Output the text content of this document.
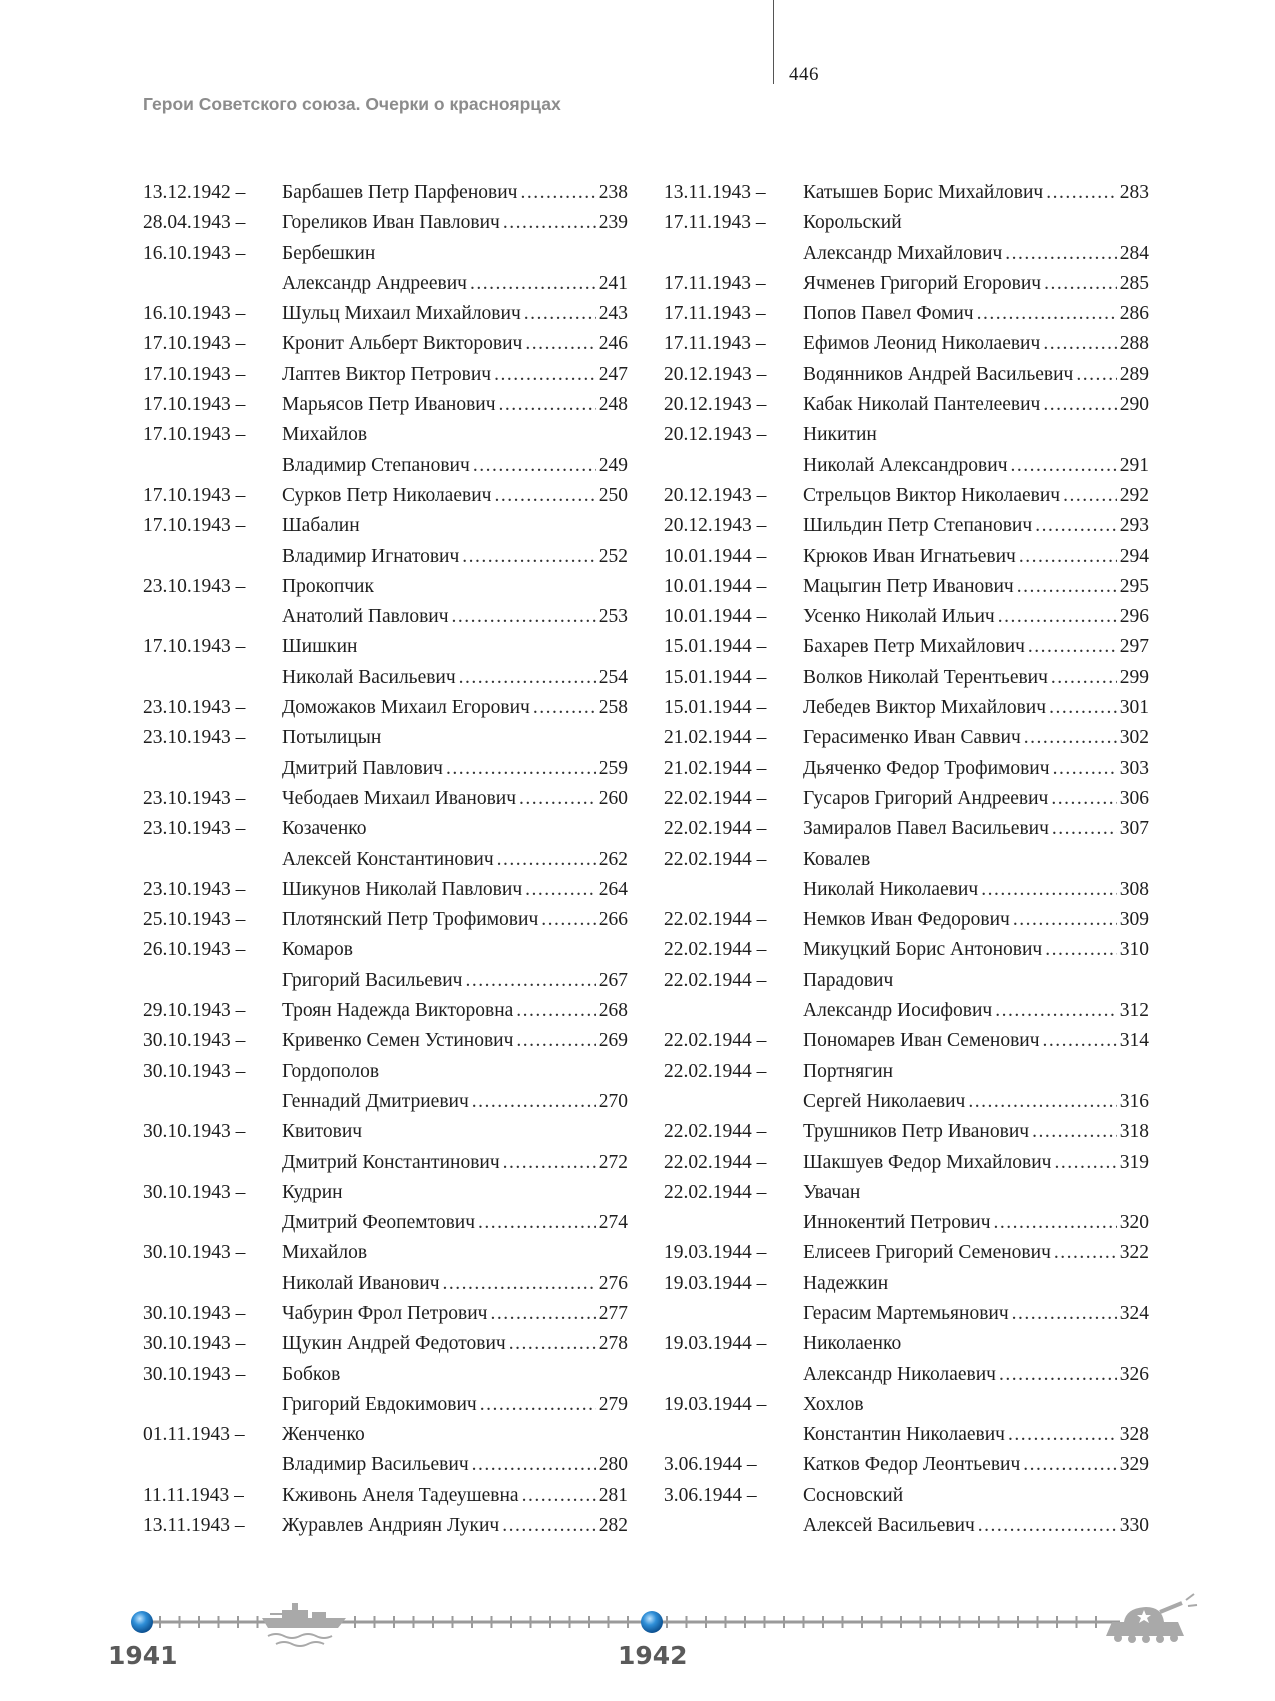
446
Герои Советского союза. Очерки о красноярцах
13.12.1942 –	Барбашев Петр Парфенович .....	238
28.04.1943 –	Гореликов Иван Павлович .....	239
16.10.1943 –	Бербешкин
Александр Андреевич .....	241
16.10.1943 –	Шульц Михаил Михайлович .....	243
17.10.1943 –	Кронит Альберт Викторович .....	246
17.10.1943 –	Лаптев Виктор Петрович .....	247
17.10.1943 –	Марьясов Петр Иванович .....	248
17.10.1943 –	Михайлов
Владимир Степанович .....	249
17.10.1943 –	Сурков Петр Николаевич .....	250
17.10.1943 –	Шабалин
Владимир Игнатович .....	252
23.10.1943 –	Прокопчик
Анатолий Павлович .....	253
17.10.1943 –	Шишкин
Николай Васильевич .....	254
23.10.1943 –	Доможаков Михаил Егорович .....	258
23.10.1943 –	Потылицын
Дмитрий Павлович .....	259
23.10.1943 –	Чебодаев Михаил Иванович .....	260
23.10.1943 –	Козаченко
Алексей Константинович .....	262
23.10.1943 –	Шикунов Николай Павлович .....	264
25.10.1943 –	Плотянский Петр Трофимович .....	266
26.10.1943 –	Комаров
Григорий Васильевич .....	267
29.10.1943 –	Троян Надежда Викторовна .....	268
30.10.1943 –	Кривенко Семен Устинович .....	269
30.10.1943 –	Гордополов
Геннадий Дмитриевич .....	270
30.10.1943 –	Квитович
Дмитрий Константинович .....	272
30.10.1943 –	Кудрин
Дмитрий Феопемтович .....	274
30.10.1943 –	Михайлов
Николай Иванович .....	276
30.10.1943 –	Чабурин Фрол Петрович .....	277
30.10.1943 –	Щукин Андрей Федотович .....	278
30.10.1943 –	Бобков
Григорий Евдокимович .....	279
01.11.1943 –	Женченко
Владимир Васильевич .....	280
11.11.1943 –	Кживонь Анеля Тадеушевна .....	281
13.11.1943 –	Журавлев Андриян Лукич .....	282
13.11.1943 –	Катышев Борис Михайлович .....	283
17.11.1943 –	Корольский
Александр Михайлович .....	284
17.11.1943 –	Ячменев Григорий Егорович .....	285
17.11.1943 –	Попов Павел Фомич .....	286
17.11.1943 –	Ефимов Леонид Николаевич .....	288
20.12.1943 –	Водянников Андрей Васильевич ..... 289
20.12.1943 –	Кабак Николай Пантелеевич .....	290
20.12.1943 –	Никитин
Николай Александрович .....	291
20.12.1943 –	Стрельцов Виктор Николаевич .....	292
20.12.1943 –	Шильдин Петр Степанович .....	293
10.01.1944 –	Крюков Иван Игнатьевич .....	294
10.01.1944 –	Мацыгин Петр Иванович .....	295
10.01.1944 –	Усенко Николай Ильич .....	296
15.01.1944 –	Бахарев Петр Михайлович .....	297
15.01.1944 –	Волков Николай Терентьевич .....	299
15.01.1944 –	Лебедев Виктор Михайлович .....	301
21.02.1944 –	Герасименко Иван Саввич .....	302
21.02.1944 –	Дьяченко Федор Трофимович .....	303
22.02.1944 –	Гусаров Григорий Андреевич .....	306
22.02.1944 –	Замиралов Павел Васильевич .....	307
22.02.1944 –	Ковалев
Николай Николаевич .....	308
22.02.1944 –	Немков Иван Федорович .....	309
22.02.1944 –	Микуцкий Борис Антонович .....	310
22.02.1944 –	Парадович
Александр Иосифович .....	312
22.02.1944 –	Пономарев Иван Семенович .....	314
22.02.1944 –	Портнягин
Сергей Николаевич .....	316
22.02.1944 –	Трушников Петр Иванович .....	318
22.02.1944 –	Шакшуев Федор Михайлович .....	319
22.02.1944 –	Увачан
Иннокентий Петрович .....	320
19.03.1944 –	Елисеев Григорий Семенович .....	322
19.03.1944 –	Надежкин
Герасим Мартемьянович .....	324
19.03.1944 –	Николаенко
Александр Николаевич .....	326
19.03.1944 –	Хохлов
Константин Николаевич .....	328
3.06.1944 –	Катков Федор Леонтьевич .....	329
3.06.1944 –	Сосновский
Алексей Васильевич .....	330
1941	1942
